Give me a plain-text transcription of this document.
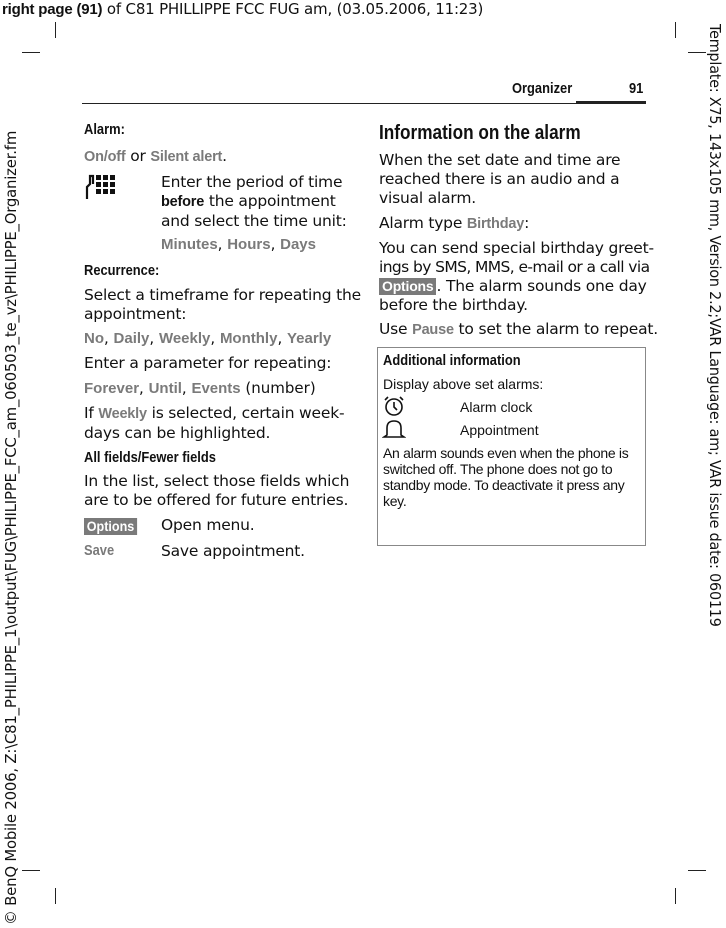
right page (91) of C81 PHILLIPPE FCC FUG am, (03.05.2006, 11:23)
Organizer	91
Alarm:
On/off or Silent alert.
Enter the period of time
before the appointment
and select the time unit:
Minutes, Hours, Days
Recurrence:
Select a timeframe for repeating the
appointment:
No, Daily, Weekly, Monthly, Yearly
Enter a parameter for repeating:
Forever, Until, Events (number)
If Weekly is selected, certain week-
days can be highlighted.
All fields/Fewer fields
In the list, select those fields which
are to be offered for future entries.
Options	Open menu.
Save	Save appointment.
Information on the alarm
When the set date and time are
reached there is an audio and a
visual alarm.
Alarm type Birthday:
You can send special birthday greet-
ings by SMS, MMS, e-mail or a call via
Options . The alarm sounds one day
before the birthday.
Use Pause to set the alarm to repeat.
Additional information
Display above set alarms:
Alarm clock
Appointment
An alarm sounds even when the phone is
switched off. The phone does not go to
standby mode. To deactivate it press any
key.	Template: X75, 143x105 mm, Version 2.2;VAR Language: am; VAR issue date: 060119
© BenQ Mobile 2006, Z:\C81_PHILIPPE_1\output\FUG\PHILIPPE_FCC_am_060503_te_vz\PHILIPPE_Organizer.fm
